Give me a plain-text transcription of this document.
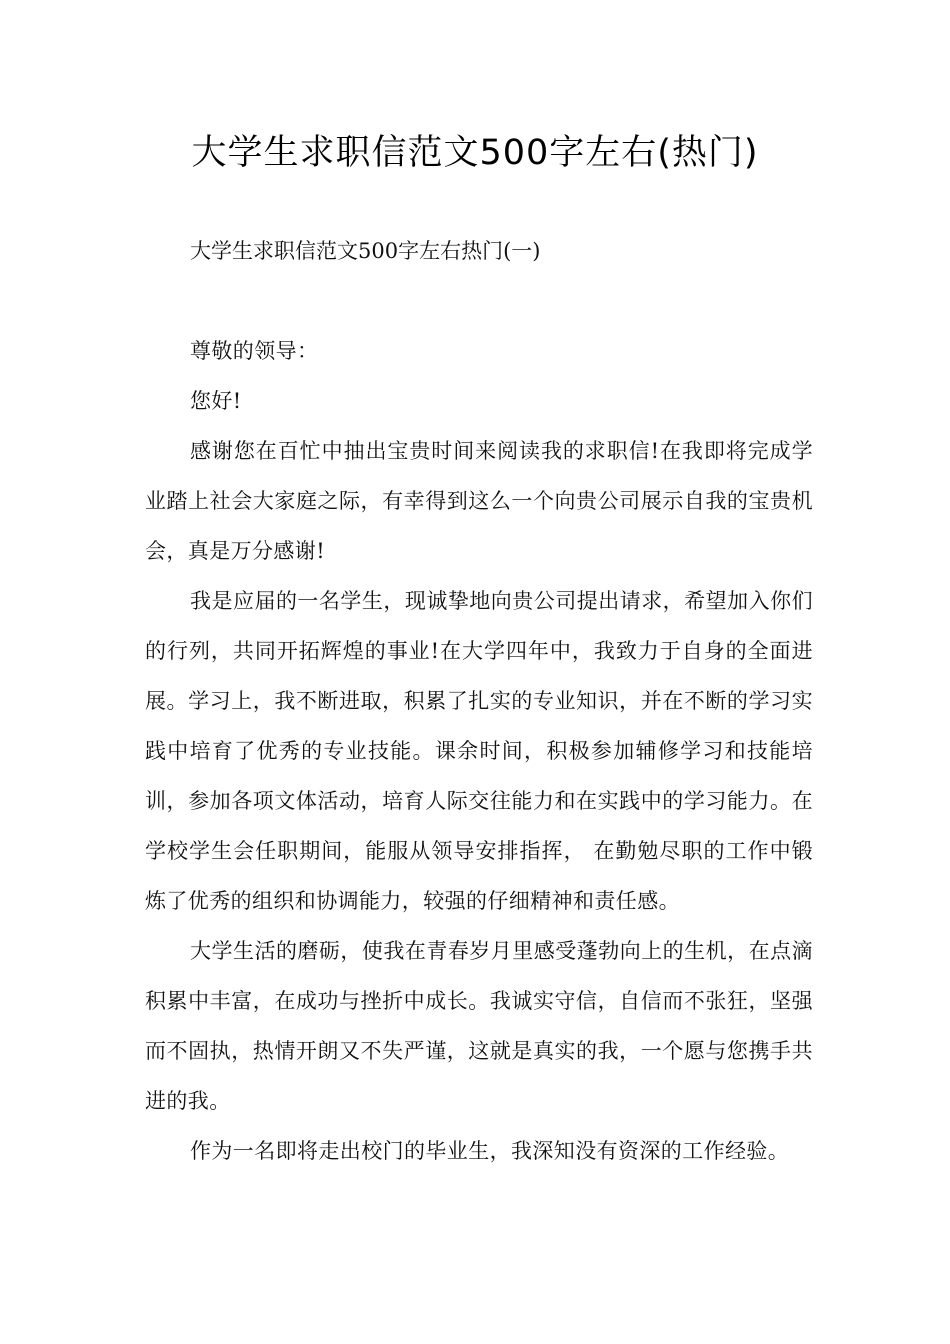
大学生求职信范文500字左右(热门)
大学生求职信范文500字左右热门(一)

尊敬的领导：

您好!

感谢您在百忙中抽出宝贵时间来阅读我的求职信!在我即将完成学业踏上社会大家庭之际，有幸得到这么一个向贵公司展示自我的宝贵机会，真是万分感谢!

我是应届的一名学生，现诚挚地向贵公司提出请求，希望加入你们的行列，共同开拓辉煌的事业!在大学四年中，我致力于自身的全面进展。学习上，我不断进取，积累了扎实的专业知识，并在不断的学习实践中培育了优秀的专业技能。课余时间，积极参加辅修学习和技能培训，参加各项文体活动，培育人际交往能力和在实践中的学习能力。在学校学生会任职期间，能服从领导安排指挥， 在勤勉尽职的工作中锻炼了优秀的组织和协调能力，较强的仔细精神和责任感。

大学生活的磨砺，使我在青春岁月里感受蓬勃向上的生机，在点滴积累中丰富，在成功与挫折中成长。我诚实守信，自信而不张狂，坚强而不固执，热情开朗又不失严谨，这就是真实的我，一个愿与您携手共进的我。

作为一名即将走出校门的毕业生，我深知没有资深的工作经验。
